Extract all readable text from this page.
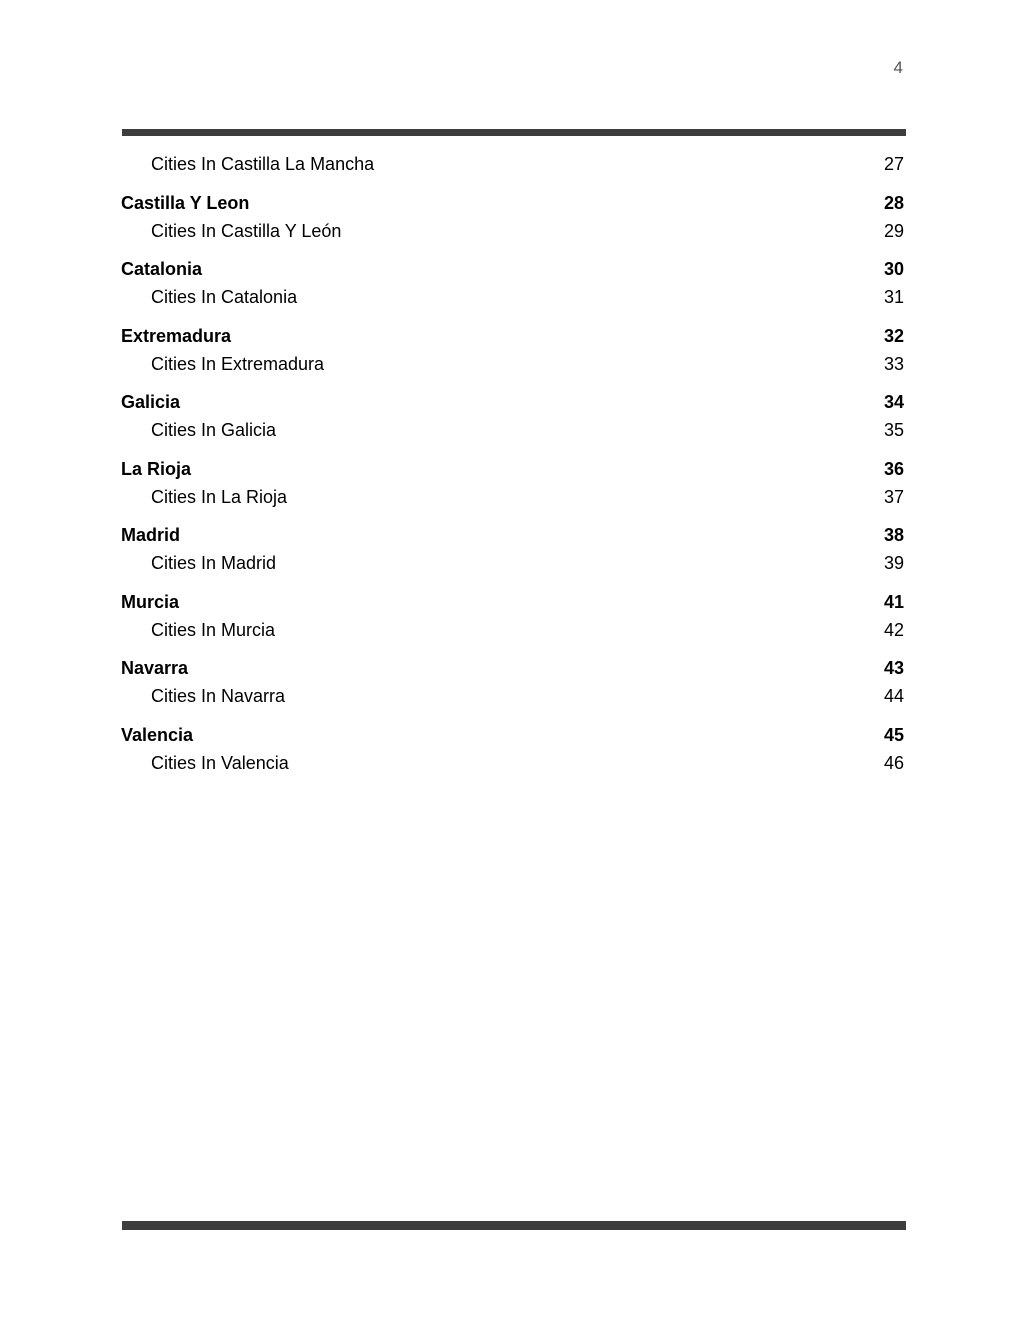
4
Cities In Castilla La Mancha	27
Castilla Y Leon	28
Cities In Castilla Y León	29
Catalonia	30
Cities In Catalonia	31
Extremadura	32
Cities In Extremadura	33
Galicia	34
Cities In Galicia	35
La Rioja	36
Cities In La Rioja	37
Madrid	38
Cities In Madrid	39
Murcia	41
Cities In Murcia	42
Navarra	43
Cities In Navarra	44
Valencia	45
Cities In Valencia	46
